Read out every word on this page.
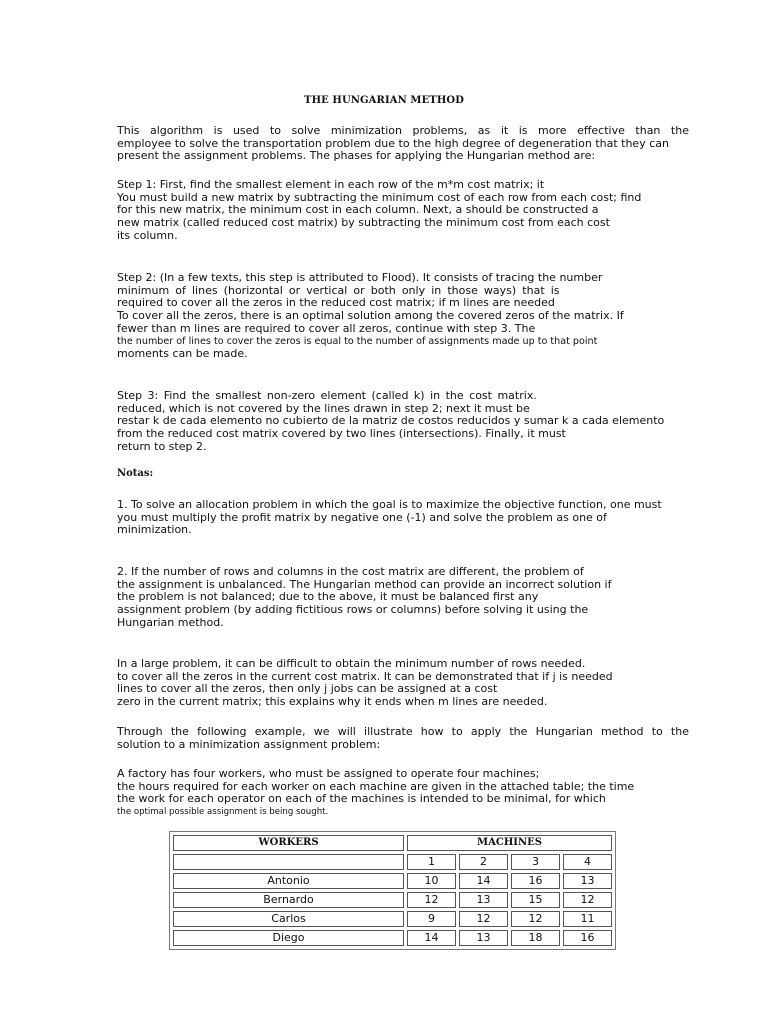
THE HUNGARIAN METHOD
This algorithm is used to solve minimization problems, as it is more effective than the
employee to solve the transportation problem due to the high degree of degeneration that they can
present the assignment problems. The phases for applying the Hungarian method are:
Step 1: First, find the smallest element in each row of the m*m cost matrix; it
You must build a new matrix by subtracting the minimum cost of each row from each cost; find
for this new matrix, the minimum cost in each column. Next, a should be constructed a
new matrix (called reduced cost matrix) by subtracting the minimum cost from each cost
its column.
Step 2: (In a few texts, this step is attributed to Flood). It consists of tracing the number
minimum of lines (horizontal or vertical or both only in those ways) that is
required to cover all the zeros in the reduced cost matrix; if m lines are needed
To cover all the zeros, there is an optimal solution among the covered zeros of the matrix. If
fewer than m lines are required to cover all zeros, continue with step 3. The
the number of lines to cover the zeros is equal to the number of assignments made up to that point
moments can be made.
Step 3: Find the smallest non-zero element (called k) in the cost matrix.
reduced, which is not covered by the lines drawn in step 2; next it must be
restar k de cada elemento no cubierto de la matriz de costos reducidos y sumar k a cada elemento
from the reduced cost matrix covered by two lines (intersections). Finally, it must
return to step 2.
Notas:
1. To solve an allocation problem in which the goal is to maximize the objective function, one must
you must multiply the profit matrix by negative one (-1) and solve the problem as one of
minimization.
2. If the number of rows and columns in the cost matrix are different, the problem of
the assignment is unbalanced. The Hungarian method can provide an incorrect solution if
the problem is not balanced; due to the above, it must be balanced first any
assignment problem (by adding fictitious rows or columns) before solving it using the
Hungarian method.
In a large problem, it can be difficult to obtain the minimum number of rows needed.
to cover all the zeros in the current cost matrix. It can be demonstrated that if j is needed
lines to cover all the zeros, then only j jobs can be assigned at a cost
zero in the current matrix; this explains why it ends when m lines are needed.
Through the following example, we will illustrate how to apply the Hungarian method to the
solution to a minimization assignment problem:
A factory has four workers, who must be assigned to operate four machines;
the hours required for each worker on each machine are given in the attached table; the time
the work for each operator on each of the machines is intended to be minimal, for which
the optimal possible assignment is being sought.
WORKERS	MACHINES			
	1	2	3	4
Antonio	10	14	16	13
Bernardo	12	13	15	12
Carlos	9	12	12	11
Diego	14	13	18	16
